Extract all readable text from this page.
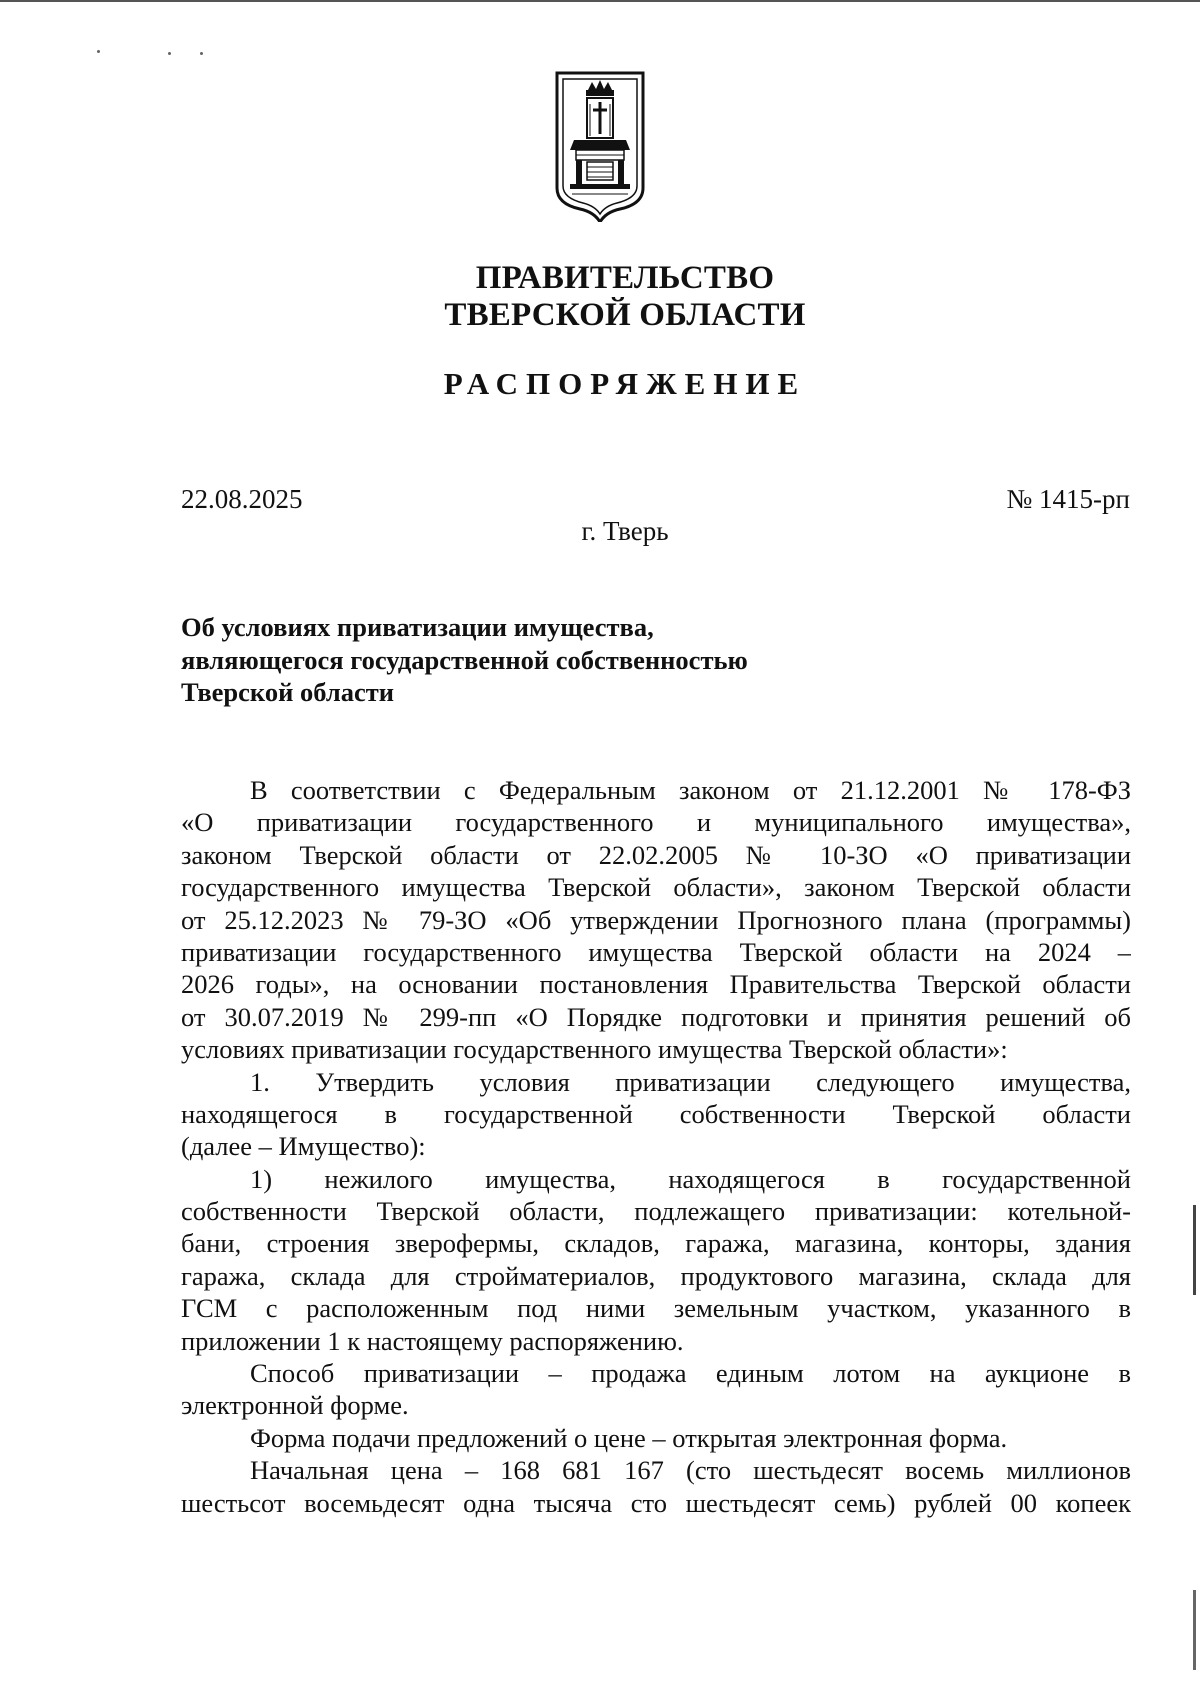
ПРАВИТЕЛЬСТВО
ТВЕРСКОЙ ОБЛАСТИ
РАСПОРЯЖЕНИЕ
22.08.2025	№ 1415-рп
г. Тверь
Об условиях приватизации имущества,
являющегося государственной собственностью
Тверской области
В соответствии с Федеральным законом от 21.12.2001 № 178-ФЗ
«О приватизации государственного и муниципального имущества»,
законом Тверской области от 22.02.2005 № 10-ЗО «О приватизации
государственного имущества Тверской области», законом Тверской области
от 25.12.2023 № 79-ЗО «Об утверждении Прогнозного плана (программы)
приватизации государственного имущества Тверской области на 2024 –
2026 годы», на основании постановления Правительства Тверской области
от 30.07.2019 № 299-пп «О Порядке подготовки и принятия решений об
условиях приватизации государственного имущества Тверской области»:
1. Утвердить условия приватизации следующего имущества,
находящегося в государственной собственности Тверской области
(далее – Имущество):
1) нежилого имущества, находящегося в государственной
собственности Тверской области, подлежащего приватизации: котельной-
бани, строения зверофермы, складов, гаража, магазина, конторы, здания
гаража, склада для стройматериалов, продуктового магазина, склада для
ГСМ с расположенным под ними земельным участком, указанного в
приложении 1 к настоящему распоряжению.
Способ приватизации – продажа единым лотом на аукционе в
электронной форме.
Форма подачи предложений о цене – открытая электронная форма.
Начальная цена – 168 681 167 (сто шестьдесят восемь миллионов
шестьсот восемьдесят одна тысяча сто шестьдесят семь) рублей 00 копеек
